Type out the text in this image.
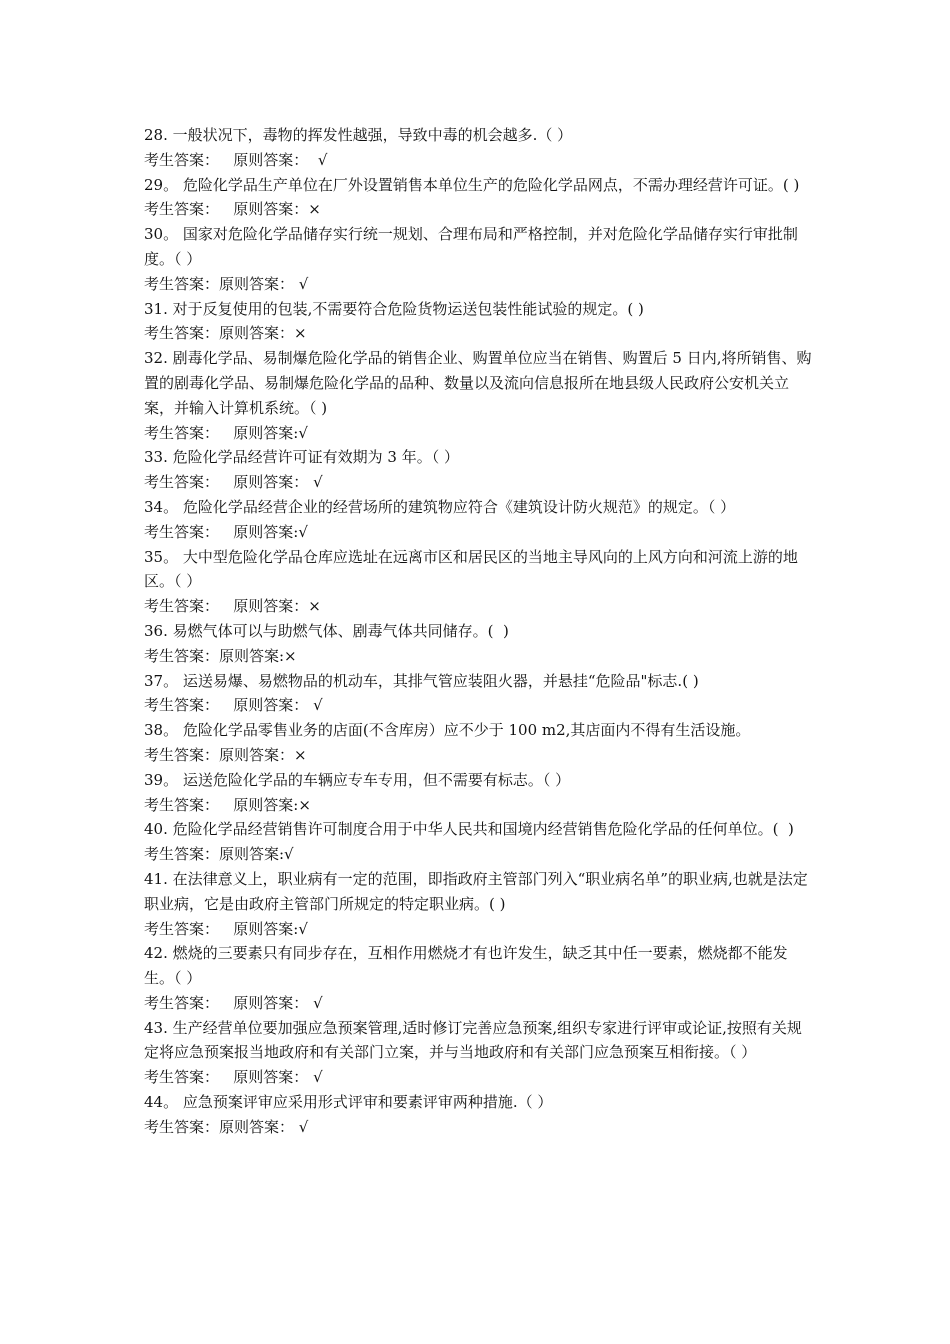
28. 一般状况下，毒物的挥发性越强，导致中毒的机会越多.（ ）
考生答案：   原则答案：  √
29。 危险化学品生产单位在厂外设置销售本单位生产的危险化学品网点，不需办理经营许可证。( )
考生答案：   原则答案：×
30。 国家对危险化学品储存实行统一规划、合理布局和严格控制，并对危险化学品储存实行审批制度。（ ）
考生答案：原则答案： √
31. 对于反复使用的包装,不需要符合危险货物运送包装性能试验的规定。( )
考生答案：原则答案：×
32. 剧毒化学品、易制爆危险化学品的销售企业、购置单位应当在销售、购置后 5 日内,将所销售、购置的剧毒化学品、易制爆危险化学品的品种、数量以及流向信息报所在地县级人民政府公安机关立案，并输入计算机系统。（ )
考生答案：   原则答案:√
33. 危险化学品经营许可证有效期为 3 年。（ ）
考生答案：   原则答案： √
34。 危险化学品经营企业的经营场所的建筑物应符合《建筑设计防火规范》的规定。（ ）
考生答案：   原则答案:√
35。 大中型危险化学品仓库应选址在远离市区和居民区的当地主导风向的上风方向和河流上游的地区。（ ）
考生答案：   原则答案：×
36. 易燃气体可以与助燃气体、剧毒气体共同储存。(  )
考生答案：原则答案:×
37。 运送易爆、易燃物品的机动车，其排气管应装阻火器，并悬挂“危险品"标志.( )
考生答案：   原则答案： √
38。 危险化学品零售业务的店面(不含库房）应不少于 100 m2,其店面内不得有生活设施。
考生答案：原则答案：×
39。 运送危险化学品的车辆应专车专用，但不需要有标志。（ ）
考生答案：   原则答案:×
40. 危险化学品经营销售许可制度合用于中华人民共和国境内经营销售危险化学品的任何单位。(  )
考生答案：原则答案:√
41. 在法律意义上，职业病有一定的范围，即指政府主管部门列入“职业病名单”的职业病,也就是法定职业病，它是由政府主管部门所规定的特定职业病。( )
考生答案：   原则答案:√
42. 燃烧的三要素只有同步存在，互相作用燃烧才有也许发生，缺乏其中任一要素，燃烧都不能发生。（ ）
考生答案：   原则答案： √
43. 生产经营单位要加强应急预案管理,适时修订完善应急预案,组织专家进行评审或论证,按照有关规定将应急预案报当地政府和有关部门立案，并与当地政府和有关部门应急预案互相衔接。（ ）
考生答案：   原则答案： √
44。 应急预案评审应采用形式评审和要素评审两种措施.（ ）
考生答案：原则答案： √
